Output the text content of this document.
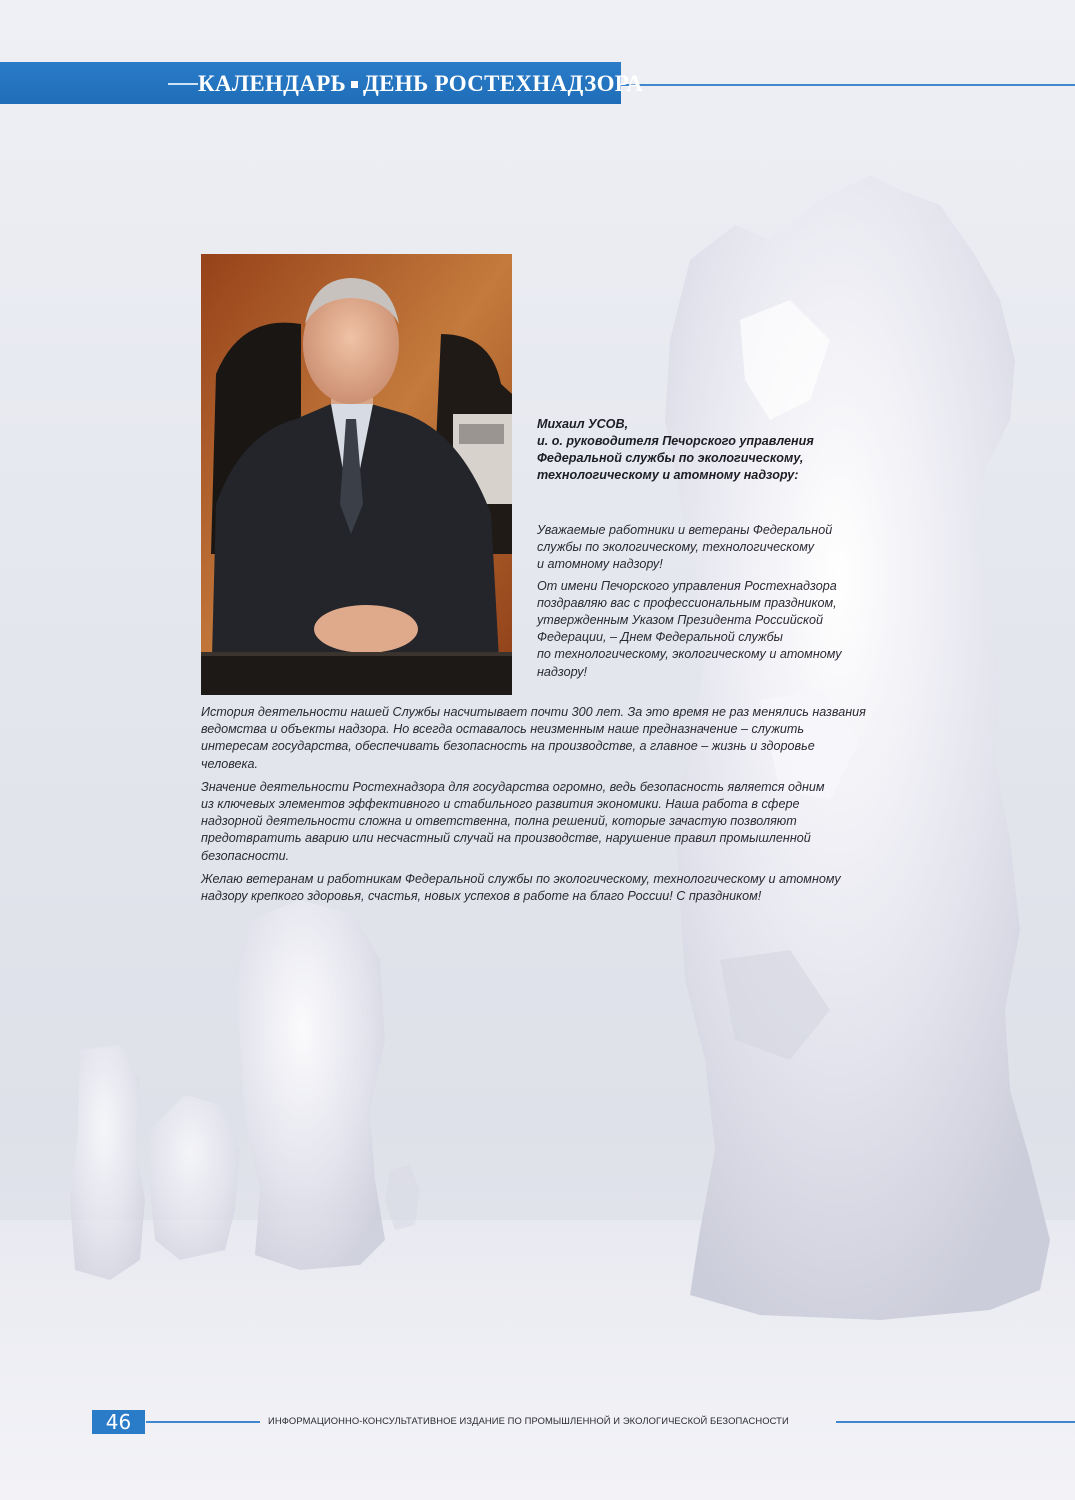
КАЛЕНДАРЬ ДЕНЬ РОСТЕХНАДЗОРА
Михаил УСОВ,
и. о. руководителя Печорского управления
Федеральной службы по экологическому,
технологическому и атомному надзору:
Уважаемые работники и ветераны Федеральной
службы по экологическому, технологическому
и атомному надзору!
От имени Печорского управления Ростехнадзора
поздравляю вас с профессиональным праздником,
утвержденным Указом Президента Российской
Федерации, – Днем Федеральной службы
по технологическому, экологическому и атомному
надзору!
История деятельности нашей Службы насчитывает почти 300 лет. За это время не раз менялись названия
ведомства и объекты надзора. Но всегда оставалось неизменным наше предназначение – служить
интересам государства, обеспечивать безопасность на производстве, а главное – жизнь и здоровье
человека.
Значение деятельности Ростехнадзора для государства огромно, ведь безопасность является одним
из ключевых элементов эффективного и стабильного развития экономики. Наша работа в сфере
надзорной деятельности сложна и ответственна, полна решений, которые зачастую позволяют
предотвратить аварию или несчастный случай на производстве, нарушение правил промышленной
безопасности.
Желаю ветеранам и работникам Федеральной службы по экологическому, технологическому и атомному
надзору крепкого здоровья, счастья, новых успехов в работе на благо России! С праздником!
46	ИНФОРМАЦИОННО-КОНСУЛЬТАТИВНОЕ ИЗДАНИЕ ПО ПРОМЫШЛЕННОЙ И ЭКОЛОГИЧЕСКОЙ БЕЗОПАСНОСТИ
